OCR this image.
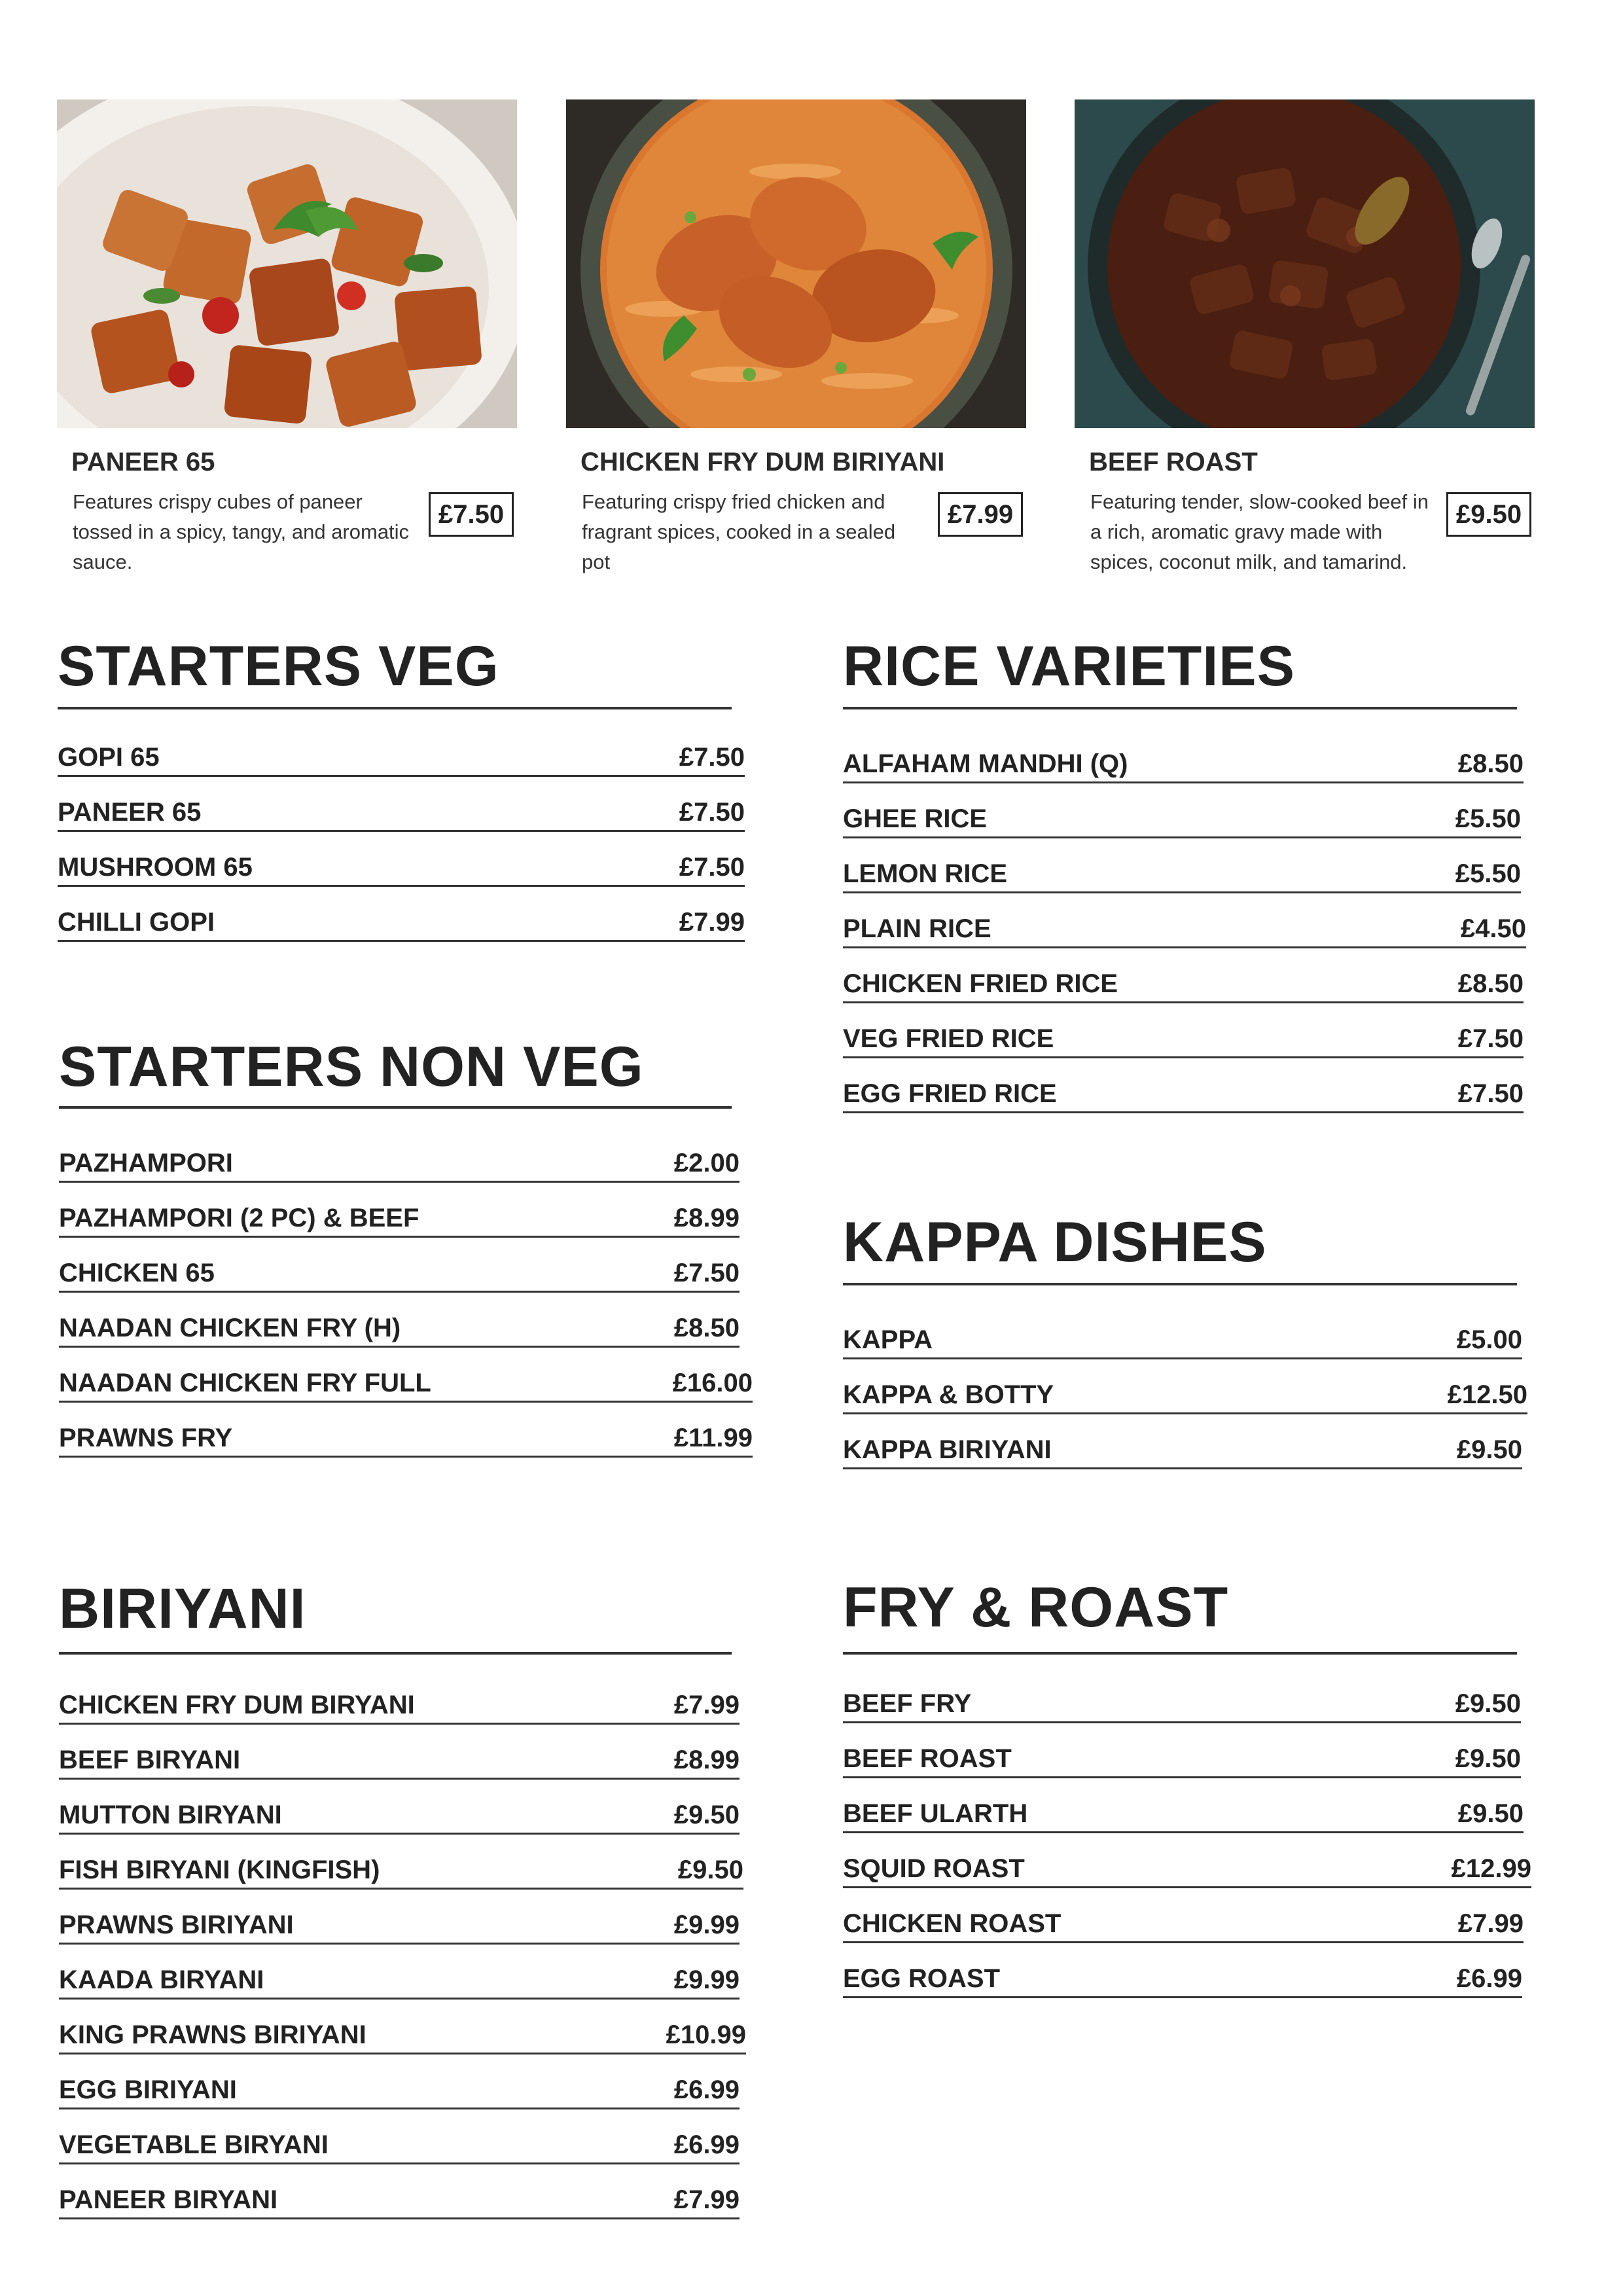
PANEER 65
Features crispy cubes of paneer tossed in a spicy, tangy, and aromatic sauce.
£7.50
CHICKEN FRY DUM BIRIYANI
Featuring crispy fried chicken and fragrant spices, cooked in a sealed pot
£7.99
BEEF ROAST
Featuring tender, slow-cooked beef in a rich, aromatic gravy made with spices, coconut milk, and tamarind.
£9.50
STARTERS VEG
GOPI 65	£7.50
PANEER 65	£7.50
MUSHROOM 65	£7.50
CHILLI GOPI	£7.99
STARTERS NON VEG
PAZHAMPORI	£2.00
PAZHAMPORI (2 PC) & BEEF	£8.99
CHICKEN 65	£7.50
NAADAN CHICKEN FRY (H)	£8.50
NAADAN CHICKEN FRY FULL	£16.00
PRAWNS FRY	£11.99
BIRIYANI
CHICKEN FRY DUM BIRYANI	£7.99
BEEF BIRYANI	£8.99
MUTTON BIRYANI	£9.50
FISH BIRYANI (KINGFISH)	£9.50
PRAWNS BIRIYANI	£9.99
KAADA BIRYANI	£9.99
KING PRAWNS BIRIYANI	£10.99
EGG BIRIYANI	£6.99
VEGETABLE BIRYANI	£6.99
PANEER BIRYANI	£7.99
RICE VARIETIES
ALFAHAM MANDHI (Q)	£8.50
GHEE RICE	£5.50
LEMON RICE	£5.50
PLAIN RICE	£4.50
CHICKEN FRIED RICE	£8.50
VEG FRIED RICE	£7.50
EGG FRIED RICE	£7.50
KAPPA DISHES
KAPPA	£5.00
KAPPA & BOTTY	£12.50
KAPPA BIRIYANI	£9.50
FRY & ROAST
BEEF FRY	£9.50
BEEF ROAST	£9.50
BEEF ULARTH	£9.50
SQUID ROAST	£12.99
CHICKEN ROAST	£7.99
EGG ROAST	£6.99
